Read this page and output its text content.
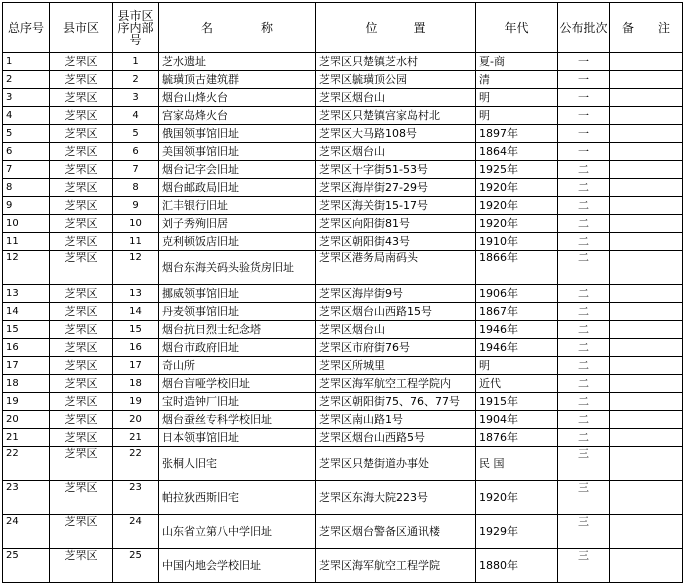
总序号	县市区	县市区序内部号	名　　　　称	位　　　置	年代	公布批次	备　　注
1	芝罘区	1	芝水遗址	芝罘区只楚镇芝水村	夏-商	一	
2	芝罘区	2	毓璜顶古建筑群	芝罘区毓璜顶公园	清	一	
3	芝罘区	3	烟台山烽火台	芝罘区烟台山	明	一	
4	芝罘区	4	宫家岛烽火台	芝罘区只楚镇宫家岛村北	明	一	
5	芝罘区	5	俄国领事馆旧址	芝罘区大马路108号	1897年	一	
6	芝罘区	6	美国领事馆旧址	芝罘区烟台山	1864年	一	
7	芝罘区	7	烟台记字会旧址	芝罘区十字街51-53号	1925年	二	
8	芝罘区	8	烟台邮政局旧址	芝罘区海岸街27-29号	1920年	二	
9	芝罘区	9	汇丰银行旧址	芝罘区海关街15-17号	1920年	二	
10	芝罘区	10	刘子秀殉旧居	芝罘区向阳街81号	1920年	二	
11	芝罘区	11	克利顿饭店旧址	芝罘区朝阳街43号	1910年	二	
12	芝罘区	12	烟台东海关码头验货房旧址	芝罘区港务局南码头	1866年	二	
13	芝罘区	13	挪威领事馆旧址	芝罘区海岸街9号	1906年	二	
14	芝罘区	14	丹麦领事馆旧址	芝罘区烟台山西路15号	1867年	二	
15	芝罘区	15	烟台抗日烈士纪念塔	芝罘区烟台山	1946年	二	
16	芝罘区	16	烟台市政府旧址	芝罘区市府街76号	1946年	二	
17	芝罘区	17	奇山所	芝罘区所城里	明	二	
18	芝罘区	18	烟台盲哑学校旧址	芝罘区海军航空工程学院内	近代	二	
19	芝罘区	19	宝时造钟厂旧址	芝罘区朝阳街75、76、77号	1915年	二	
20	芝罘区	20	烟台蚕丝专科学校旧址	芝罘区南山路1号	1904年	二	
21	芝罘区	21	日本领事馆旧址	芝罘区烟台山西路5号	1876年	二	
22	芝罘区	22	张桐人旧宅	芝罘区只楚街道办事处	民 国	三	
23	芝罘区	23	帕拉狄西斯旧宅	芝罘区东海大院223号	1920年	三	
24	芝罘区	24	山东省立第八中学旧址	芝罘区烟台警备区通讯楼	1929年	三	
25	芝罘区	25	中国内地会学校旧址	芝罘区海军航空工程学院	1880年	三	
